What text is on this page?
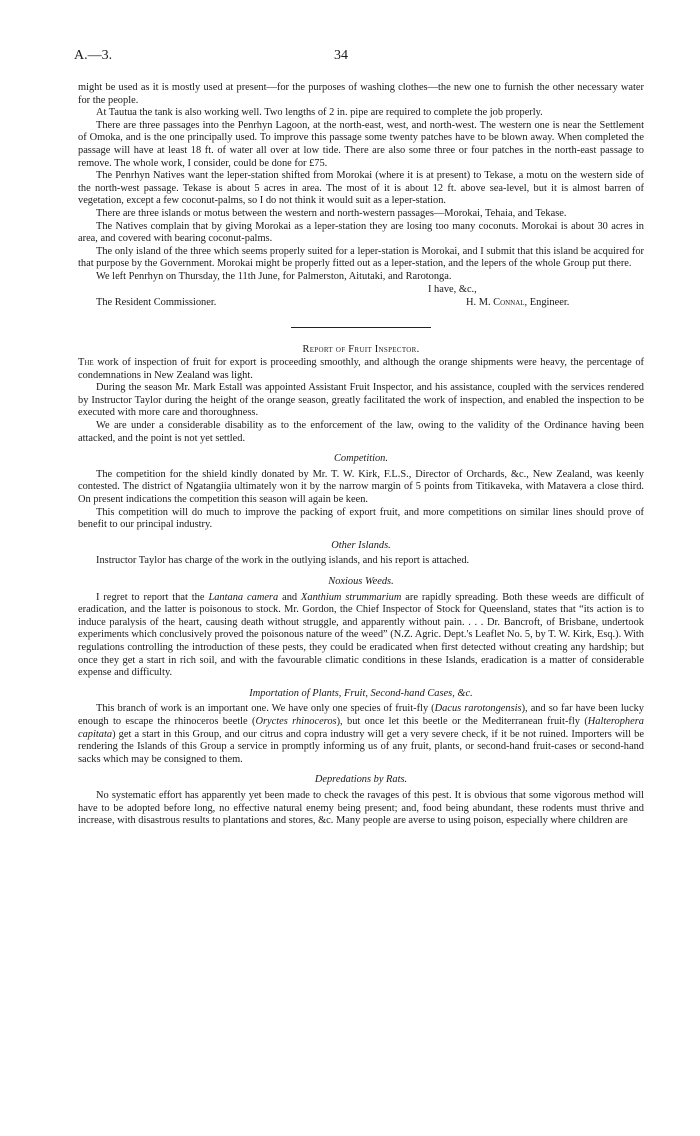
A.—3.	34

might be used as it is mostly used at present—for the purposes of washing clothes—the new one to furnish the other necessary water for the people.

At Tautua the tank is also working well. Two lengths of 2 in. pipe are required to complete the job properly.

There are three passages into the Penrhyn Lagoon, at the north-east, west, and north-west. The western one is near the Settlement of Omoka, and is the one principally used. To improve this passage some twenty patches have to be blown away. When completed the passage will have at least 18 ft. of water all over at low tide. There are also some three or four patches in the north-east passage to remove. The whole work, I consider, could be done for £75.

The Penrhyn Natives want the leper-station shifted from Morokai (where it is at present) to Tekase, a motu on the western side of the north-west passage. Tekase is about 5 acres in area. The most of it is about 12 ft. above sea-level, but it is almost barren of vegetation, except a few coconut-palms, so I do not think it would suit as a leper-station.

There are three islands or motus between the western and north-western passages—Morokai, Tehaia, and Tekase.

The Natives complain that by giving Morokai as a leper-station they are losing too many coconuts. Morokai is about 30 acres in area, and covered with bearing coconut-palms.

The only island of the three which seems properly suited for a leper-station is Morokai, and I submit that this island be acquired for that purpose by the Government. Morokai might be properly fitted out as a leper-station, and the lepers of the whole Group put there.

We left Penrhyn on Thursday, the 11th June, for Palmerston, Aitutaki, and Rarotonga.

I have, &c.,
The Resident Commissioner.	H. M. Connal, Engineer.
Report of Fruit Inspector.

The work of inspection of fruit for export is proceeding smoothly, and although the orange shipments were heavy, the percentage of condemnations in New Zealand was light.

During the season Mr. Mark Estall was appointed Assistant Fruit Inspector, and his assistance, coupled with the services rendered by Instructor Taylor during the height of the orange season, greatly facilitated the work of inspection, and enabled the inspection to be executed with more care and thoroughness.

We are under a considerable disability as to the enforcement of the law, owing to the validity of the Ordinance having been attacked, and the point is not yet settled.

Competition.

The competition for the shield kindly donated by Mr. T. W. Kirk, F.L.S., Director of Orchards, &c., New Zealand, was keenly contested. The district of Ngatangiia ultimately won it by the narrow margin of 5 points from Titikaveka, with Matavera a close third. On present indications the competition this season will again be keen.

This competition will do much to improve the packing of export fruit, and more competitions on similar lines should prove of benefit to our principal industry.

Other Islands.

Instructor Taylor has charge of the work in the outlying islands, and his report is attached.

Noxious Weeds.

I regret to report that the Lantana camera and Xanthium strummarium are rapidly spreading. Both these weeds are difficult of eradication, and the latter is poisonous to stock. Mr. Gordon, the Chief Inspector of Stock for Queensland, states that “its action is to induce paralysis of the heart, causing death without struggle, and apparently without pain. . . . Dr. Bancroft, of Brisbane, undertook experiments which conclusively proved the poisonous nature of the weed” (N.Z. Agric. Dept.'s Leaflet No. 5, by T. W. Kirk, Esq.). With regulations controlling the introduction of these pests, they could be eradicated when first detected without creating any hardship; but once they get a start in rich soil, and with the favourable climatic conditions in these Islands, eradication is a matter of considerable expense and difficulty.

Importation of Plants, Fruit, Second-hand Cases, &c.

This branch of work is an important one. We have only one species of fruit-fly (Dacus rarotongensis), and so far have been lucky enough to escape the rhinoceros beetle (Oryctes rhinoceros), but once let this beetle or the Mediterranean fruit-fly (Halterophera capitata) get a start in this Group, and our citrus and copra industry will get a very severe check, if it be not ruined. Importers will be rendering the Islands of this Group a service in promptly informing us of any fruit, plants, or second-hand fruit-cases or second-hand sacks which may be consigned to them.

Depredations by Rats.

No systematic effort has apparently yet been made to check the ravages of this pest. It is obvious that some vigorous method will have to be adopted before long, no effective natural enemy being present; and, food being abundant, these rodents must thrive and increase, with disastrous results to plantations and stores, &c. Many people are averse to using poison, especially where children are
